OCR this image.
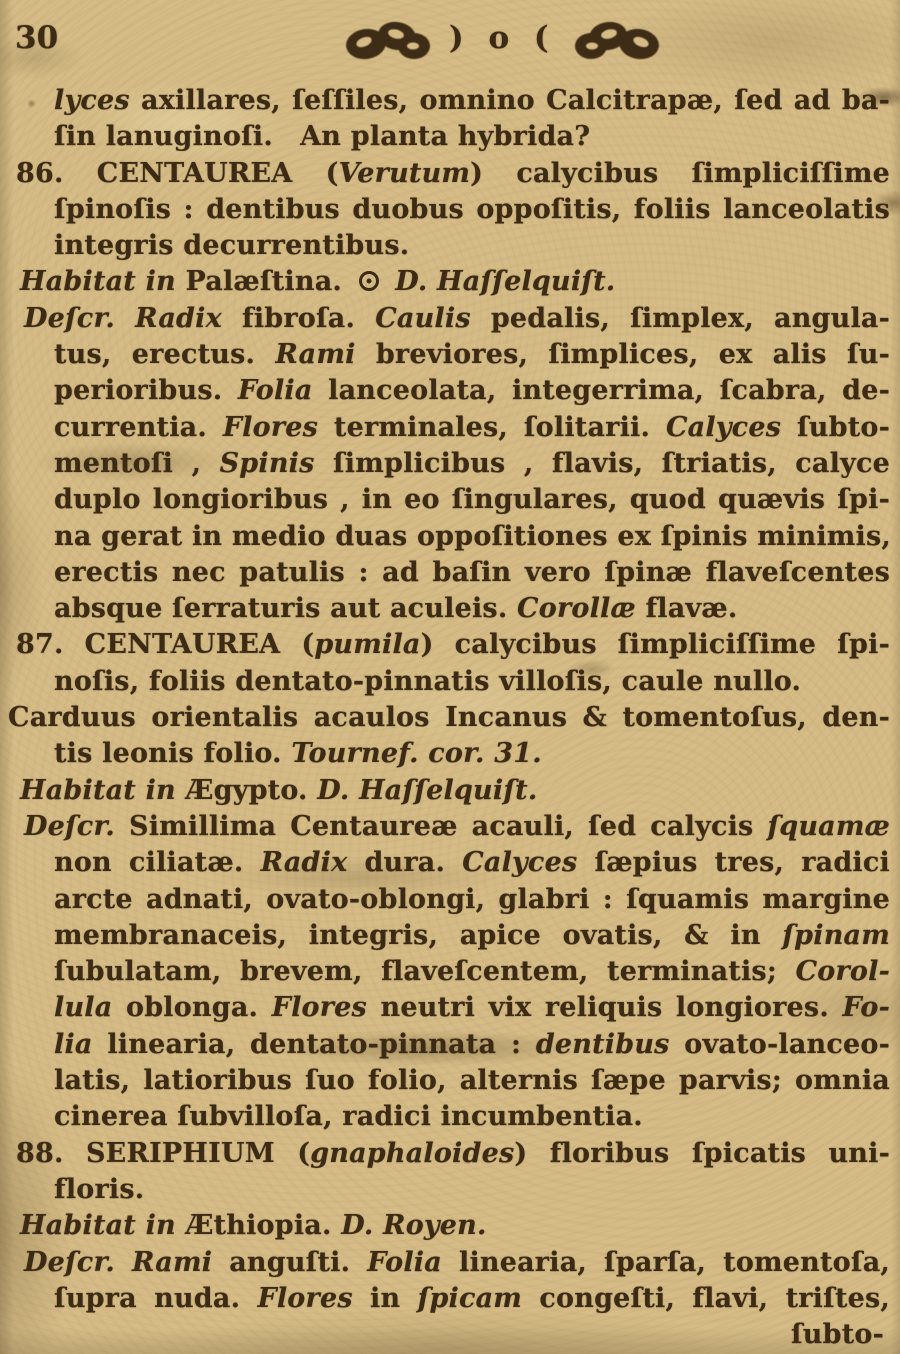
30	) o (
lyces axillares, ſeſſiles, omnino Calcitrapæ, ſed ad ba-
ſin lanuginoſi. An planta hybrida?
86. CENTAUREA (Verutum) calycibus ſimpliciſſime
ſpinoſis : dentibus duobus oppoſitis, foliis lanceolatis
integris decurrentibus.
Habitat in Palæſtina.  D. Haſſelquiſt.
Deſcr. Radix fibroſa. Caulis pedalis, ſimplex, angula-
tus, erectus. Rami breviores, ſimplices, ex alis ſu-
perioribus. Folia lanceolata, integerrima, ſcabra, de-
currentia. Flores terminales, ſolitarii. Calyces ſubto-
mentoſi , Spinis ſimplicibus , flavis, ſtriatis, calyce
duplo longioribus , in eo ſingulares, quod quævis ſpi-
na gerat in medio duas oppoſitiones ex ſpinis minimis,
erectis nec patulis : ad baſin vero ſpinæ flaveſcentes
absque ſerraturis aut aculeis. Corollæ flavæ.
87. CENTAUREA (pumila) calycibus ſimpliciſſime ſpi-
noſis, foliis dentato-pinnatis villoſis, caule nullo.
Carduus orientalis acaulos Incanus & tomentoſus, den-
tis leonis folio. Tournef. cor. 31.
Habitat in Ægypto. D. Haſſelquiſt.
Deſcr. Simillima Centaureæ acauli, ſed calycis ſquamæ
non ciliatæ. Radix dura. Calyces ſæpius tres, radici
arcte adnati, ovato-oblongi, glabri : ſquamis margine
membranaceis, integris, apice ovatis, & in ſpinam
ſubulatam, brevem, flaveſcentem, terminatis; Corol-
lula oblonga. Flores neutri vix reliquis longiores. Fo-
lia linearia, dentato-pinnata : dentibus ovato-lanceo-
latis, latioribus ſuo folio, alternis ſæpe parvis; omnia
cinerea ſubvilloſa, radici incumbentia.
88. SERIPHIUM (gnaphaloides) floribus ſpicatis uni-
floris.
Habitat in Æthiopia. D. Royen.
Deſcr. Rami anguſti. Folia linearia, ſparſa, tomentoſa,
ſupra nuda. Flores in ſpicam congeſti, flavi, triſtes,
ſubto-
